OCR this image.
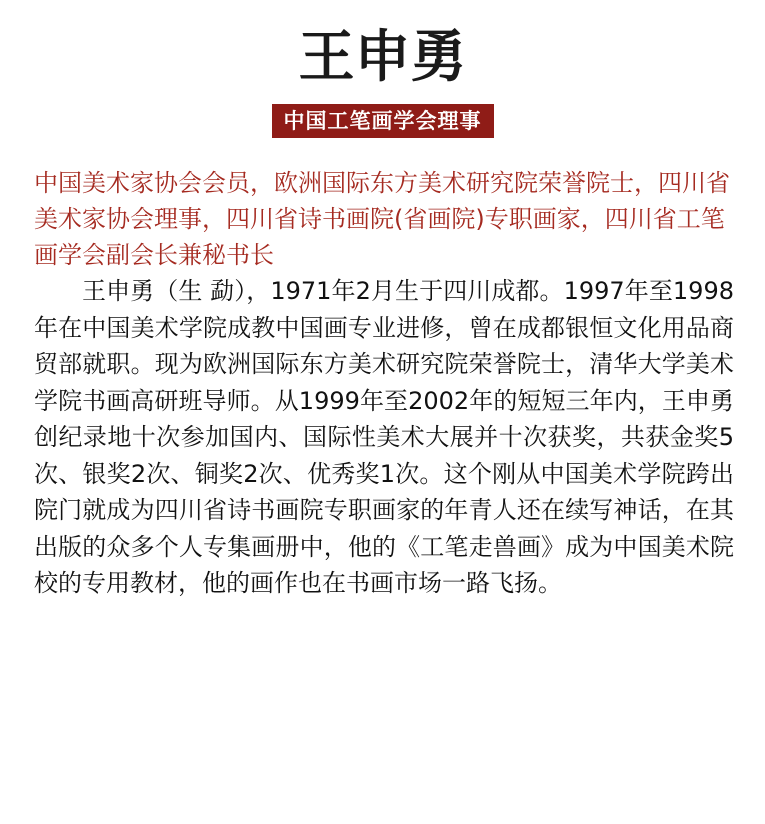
王申勇
中国工笔画学会理事

中国美术家协会会员，欧洲国际东方美术研究院荣誉院士，四川省美术家协会理事，四川省诗书画院(省画院)专职画家，四川省工笔画学会副会长兼秘书长

王申勇（生 勐），1971年2月生于四川成都。1997年至1998年在中国美术学院成教中国画专业进修，曾在成都银恒文化用品商贸部就职。现为欧洲国际东方美术研究院荣誉院士，清华大学美术学院书画高研班导师。从1999年至2002年的短短三年内，王申勇创纪录地十次参加国内、国际性美术大展并十次获奖，共获金奖5次、银奖2次、铜奖2次、优秀奖1次。这个刚从中国美术学院跨出院门就成为四川省诗书画院专职画家的年青人还在续写神话，在其出版的众多个人专集画册中，他的《工笔走兽画》成为中国美术院校的专用教材，他的画作也在书画市场一路飞扬。
